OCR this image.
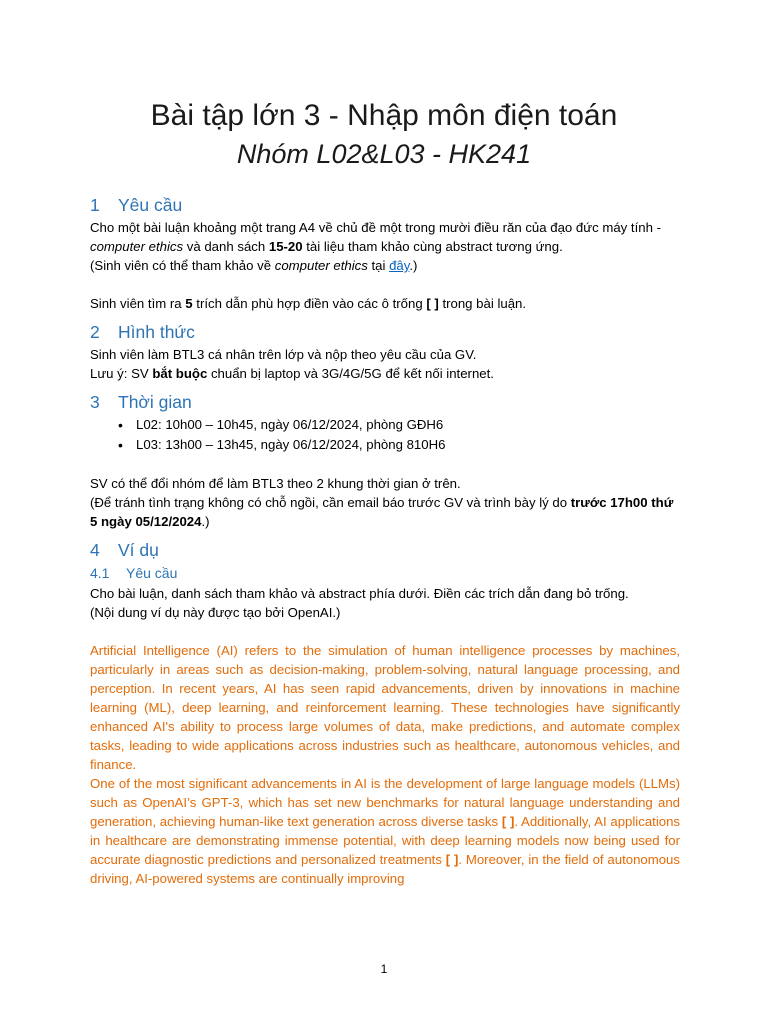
Bài tập lớn 3 - Nhập môn điện toán
Nhóm L02&L03 - HK241
1 Yêu cầu

Cho một bài luận khoảng một trang A4 về chủ đề một trong mười điều răn của đạo đức máy tính - computer ethics và danh sách 15-20 tài liệu tham khảo cùng abstract tương ứng.

(Sinh viên có thể tham khảo về computer ethics tại đây.)

Sinh viên tìm ra 5 trích dẫn phù hợp điền vào các ô trống [ ] trong bài luận.

2 Hình thức

Sinh viên làm BTL3 cá nhân trên lớp và nộp theo yêu cầu của GV.

Lưu ý: SV bắt buộc chuẩn bị laptop và 3G/4G/5G để kết nối internet.

3 Thời gian
• L02: 10h00 – 10h45, ngày 06/12/2024, phòng GĐH6
• L03: 13h00 – 13h45, ngày 06/12/2024, phòng 810H6

SV có thể đổi nhóm để làm BTL3 theo 2 khung thời gian ở trên.

(Để tránh tình trạng không có chỗ ngồi, cần email báo trước GV và trình bày lý do trước 17h00 thứ 5 ngày 05/12/2024.)

4 Ví dụ
4.1 Yêu cầu

Cho bài luận, danh sách tham khảo và abstract phía dưới. Điền các trích dẫn đang bỏ trống.

(Nội dung ví dụ này được tạo bởi OpenAI.)

Artificial Intelligence (AI) refers to the simulation of human intelligence processes by machines, particularly in areas such as decision-making, problem-solving, natural language processing, and perception. In recent years, AI has seen rapid advancements, driven by innovations in machine learning (ML), deep learning, and reinforcement learning. These technologies have significantly enhanced AI's ability to process large volumes of data, make predictions, and automate complex tasks, leading to wide applications across industries such as healthcare, autonomous vehicles, and finance.

One of the most significant advancements in AI is the development of large language models (LLMs) such as OpenAI’s GPT-3, which has set new benchmarks for natural language understanding and generation, achieving human-like text generation across diverse tasks [ ]. Additionally, AI applications in healthcare are demonstrating immense potential, with deep learning models now being used for accurate diagnostic predictions and personalized treatments [ ]. Moreover, in the field of autonomous driving, AI-powered systems are continually improving

1
